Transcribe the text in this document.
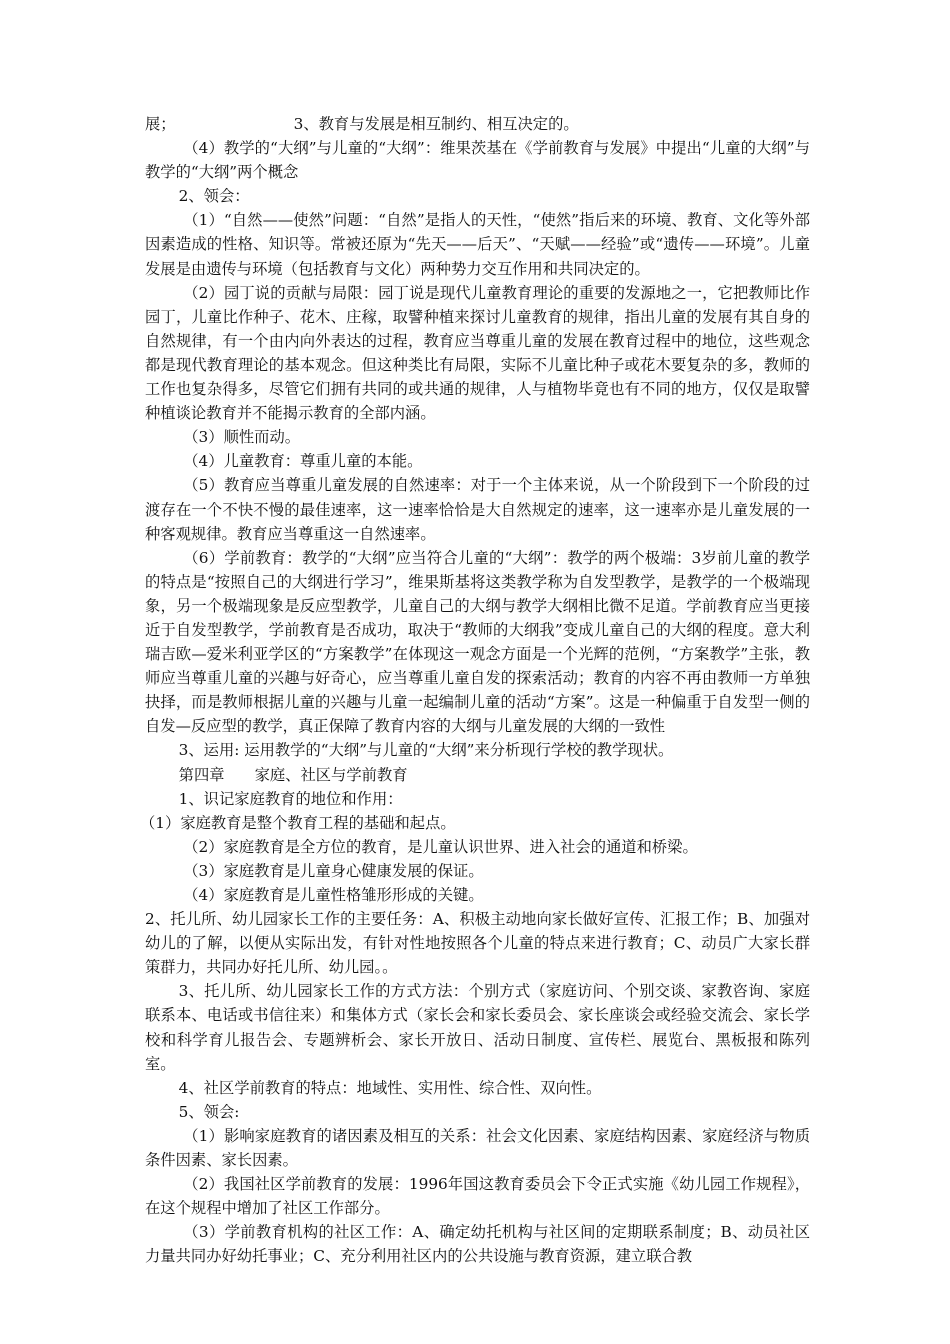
展；	3、教育与发展是相互制约、相互决定的。

（4）教学的“大纲”与儿童的“大纲”：维果茨基在《学前教育与发展》中提出“儿童的大纲”与教学的“大纲”两个概念

2、领会：

（1）“自然——使然”问题：“自然”是指人的天性，“使然”指后来的环境、教育、文化等外部因素造成的性格、知识等。常被还原为“先天——后天”、“天赋——经验”或“遗传——环境”。儿童发展是由遗传与环境（包括教育与文化）两种势力交互作用和共同决定的。

（2）园丁说的贡献与局限：园丁说是现代儿童教育理论的重要的发源地之一，它把教师比作园丁，儿童比作种子、花木、庄稼，取譬种植来探讨儿童教育的规律，指出儿童的发展有其自身的自然规律，有一个由内向外表达的过程，教育应当尊重儿童的发展在教育过程中的地位，这些观念都是现代教育理论的基本观念。但这种类比有局限，实际不儿童比种子或花木要复杂的多，教师的工作也复杂得多，尽管它们拥有共同的或共通的规律，人与植物毕竟也有不同的地方，仅仅是取譬种植谈论教育并不能揭示教育的全部内涵。

（3）顺性而动。

（4）儿童教育：尊重儿童的本能。

（5）教育应当尊重儿童发展的自然速率：对于一个主体来说，从一个阶段到下一个阶段的过渡存在一个不快不慢的最佳速率，这一速率恰恰是大自然规定的速率，这一速率亦是儿童发展的一种客观规律。教育应当尊重这一自然速率。

（6）学前教育：教学的“大纲”应当符合儿童的“大纲”：教学的两个极端：3岁前儿童的教学的特点是“按照自己的大纲进行学习”，维果斯基将这类教学称为自发型教学，是教学的一个极端现象，另一个极端现象是反应型教学，儿童自己的大纲与教学大纲相比微不足道。学前教育应当更接近于自发型教学，学前教育是否成功，取决于“教师的大纲我”变成儿童自己的大纲的程度。意大利瑞吉欧—爱米利亚学区的“方案教学”在体现这一观念方面是一个光辉的范例，“方案教学”主张，教师应当尊重儿童的兴趣与好奇心，应当尊重儿童自发的探索活动；教育的内容不再由教师一方单独抉择，而是教师根据儿童的兴趣与儿童一起编制儿童的活动“方案”。这是一种偏重于自发型一侧的自发—反应型的教学，真正保障了教育内容的大纲与儿童发展的大纲的一致性

3、运用: 运用教学的“大纲”与儿童的“大纲”来分析现行学校的教学现状。

第四章 家庭、社区与学前教育

1、识记家庭教育的地位和作用：

（1）家庭教育是整个教育工程的基础和起点。

（2）家庭教育是全方位的教育，是儿童认识世界、进入社会的通道和桥梁。

（3）家庭教育是儿童身心健康发展的保证。

（4）家庭教育是儿童性格雏形形成的关键。

2、托儿所、幼儿园家长工作的主要任务：A、积极主动地向家长做好宣传、汇报工作；B、加强对幼儿的了解，以便从实际出发，有针对性地按照各个儿童的特点来进行教育；C、动员广大家长群策群力，共同办好托儿所、幼儿园。。

3、托儿所、幼儿园家长工作的方式方法：个别方式（家庭访问、个别交谈、家教咨询、家庭联系本、电话或书信往来）和集体方式（家长会和家长委员会、家长座谈会或经验交流会、家长学校和科学育儿报告会、专题辨析会、家长开放日、活动日制度、宣传栏、展览台、黑板报和陈列室。

4、社区学前教育的特点：地域性、实用性、综合性、双向性。

5、领会:

（1）影响家庭教育的诸因素及相互的关系：社会文化因素、家庭结构因素、家庭经济与物质条件因素、家长因素。

（2）我国社区学前教育的发展：1996年国这教育委员会下令正式实施《幼儿园工作规程》，在这个规程中增加了社区工作部分。

（3）学前教育机构的社区工作：A、确定幼托机构与社区间的定期联系制度；B、动员社区力量共同办好幼托事业；C、充分利用社区内的公共设施与教育资源，建立联合教
